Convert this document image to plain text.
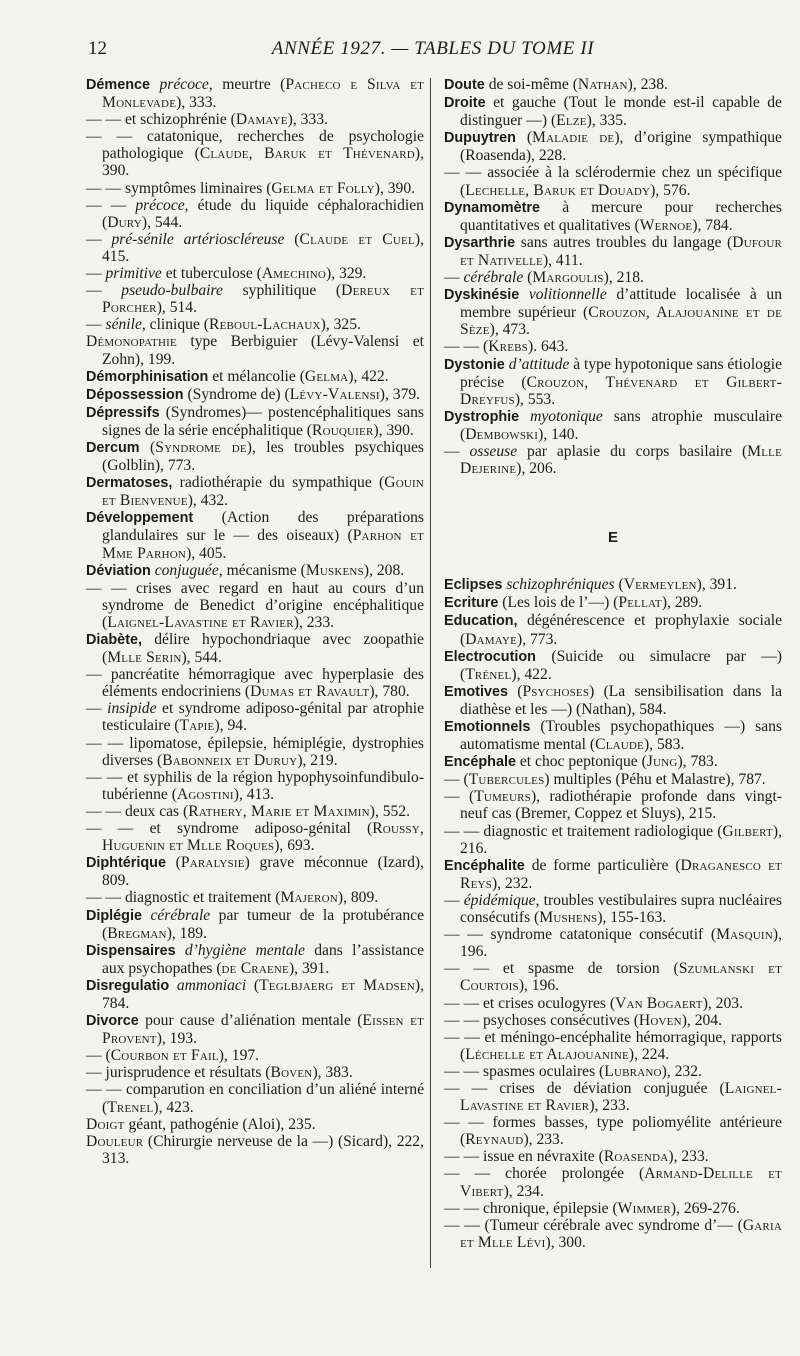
12	ANNÉE 1927. — TABLES DU TOME II

Démence précoce, meurtre (Pacheco e Silva et Monlevade), 333.

— — et schizophrénie (Damaye), 333.

— — catatonique, recherches de psychologie pathologique (Claude, Baruk et Thévenard), 390.

— — symptômes liminaires (Gelma et Folly), 390.

— — précoce, étude du liquide céphalorachidien (Dury), 544.

— pré-sénile artérioscléreuse (Claude et Cuel), 415.

— primitive et tuberculose (Amechino), 329.

— pseudo-bulbaire syphilitique (Dereux et Porcher), 514.

— sénile, clinique (Reboul-Lachaux), 325.

Démonopathie type Berbiguier (Lévy-Valensi et Zohn), 199.

Démorphinisation et mélancolie (Gelma), 422.

Dépossession (Syndrome de) (Lévy-Valensi), 379.

Dépressifs (Syndromes)— postencéphalitiques sans signes de la série encéphalitique (Rouquier), 390.

Dercum (Syndrome de), les troubles psychiques (Golblin), 773.

Dermatoses, radiothérapie du sympathique (Gouin et Bienvenue), 432.

Développement (Action des préparations glandulaires sur le — des oiseaux) (Parhon et Mme Parhon), 405.

Déviation conjuguée, mécanisme (Muskens), 208.

— — crises avec regard en haut au cours d’un syndrome de Benedict d’origine encéphalitique (Laignel-Lavastine et Ravier), 233.

Diabète, délire hypochondriaque avec zoopathie (Mlle Serin), 544.

— pancréatite hémorragique avec hyperplasie des éléments endocriniens (Dumas et Ravault), 780.

— insipide et syndrome adiposo-génital par atrophie testiculaire (Tapie), 94.

— — lipomatose, épilepsie, hémiplégie, dystrophies diverses (Babonneix et Duruy), 219.

— — et syphilis de la région hypophysoinfundibulo-tubérienne (Agostini), 413.

— — deux cas (Rathery, Marie et Maximin), 552.

— — et syndrome adiposo-génital (Roussy, Huguenin et Mlle Roques), 693.

Diphtérique (Paralysie) grave méconnue (Izard), 809.

— — diagnostic et traitement (Majeron), 809.

Diplégie cérébrale par tumeur de la protubérance (Bregman), 189.

Dispensaires d’hygiène mentale dans l’assistance aux psychopathes (de Craene), 391.

Disregulatio ammoniaci (Teglbjaerg et Madsen), 784.

Divorce pour cause d’aliénation mentale (Eissen et Provent), 193.

— (Courbon et Fail), 197.

— jurisprudence et résultats (Boven), 383.

— — comparution en conciliation d’un aliéné interné (Trenel), 423.

Doigt géant, pathogénie (Aloi), 235.

Douleur (Chirurgie nerveuse de la —) (Sicard), 222, 313.

Doute de soi-même (Nathan), 238.

Droite et gauche (Tout le monde est-il capable de distinguer —) (Elze), 335.

Dupuytren (Maladie de), d’origine sympathique (Roasenda), 228.

— — associée à la sclérodermie chez un spécifique (Lechelle, Baruk et Douady), 576.

Dynamomètre à mercure pour recherches quantitatives et qualitatives (Wernoe), 784.

Dysarthrie sans autres troubles du langage (Dufour et Nativelle), 411.

— cérébrale (Margoulis), 218.

Dyskinésie volitionnelle d’attitude localisée à un membre supérieur (Crouzon, Alajouanine et de Sèze), 473.

— — (Krebs). 643.

Dystonie d’attitude à type hypotonique sans étiologie précise (Crouzon, Thévenard et Gilbert-Dreyfus), 553.

Dystrophie myotonique sans atrophie musculaire (Dembowski), 140.

— osseuse par aplasie du corps basilaire (Mlle Dejerine), 206.

E

Eclipses schizophréniques (Vermeylen), 391.

Ecriture (Les lois de l’—) (Pellat), 289.

Education, dégénérescence et prophylaxie sociale (Damaye), 773.

Electrocution (Suicide ou simulacre par —) (Trénel), 422.

Emotives (Psychoses) (La sensibilisation dans la diathèse et les —) (Nathan), 584.

Emotionnels (Troubles psychopathiques —) sans automatisme mental (Claude), 583.

Encéphale et choc peptonique (Jung), 783.

— (Tubercules) multiples (Péhu et Malastre), 787.

— (Tumeurs), radiothérapie profonde dans vingt-neuf cas (Bremer, Coppez et Sluys), 215.

— — diagnostic et traitement radiologique (Gilbert), 216.

Encéphalite de forme particulière (Draganesco et Reys), 232.

— épidémique, troubles vestibulaires supra nucléaires consécutifs (Mushens), 155-163.

— — syndrome catatonique consécutif (Masquin), 196.

— — et spasme de torsion (Szumlanski et Courtois), 196.

— — et crises oculogyres (Van Bogaert), 203.

— — psychoses consécutives (Hoven), 204.

— — et méningo-encéphalite hémorragique, rapports (Léchelle et Alajouanine), 224.

— — spasmes oculaires (Lubrano), 232.

— — crises de déviation conjuguée (Laignel-Lavastine et Ravier), 233.

— — formes basses, type poliomyélite antérieure (Reynaud), 233.

— — issue en névraxite (Roasenda), 233.

— — chorée prolongée (Armand-Delille et Vibert), 234.

— — chronique, épilepsie (Wimmer), 269-276.

— — (Tumeur cérébrale avec syndrome d’— (Garia et Mlle Lévi), 300.
